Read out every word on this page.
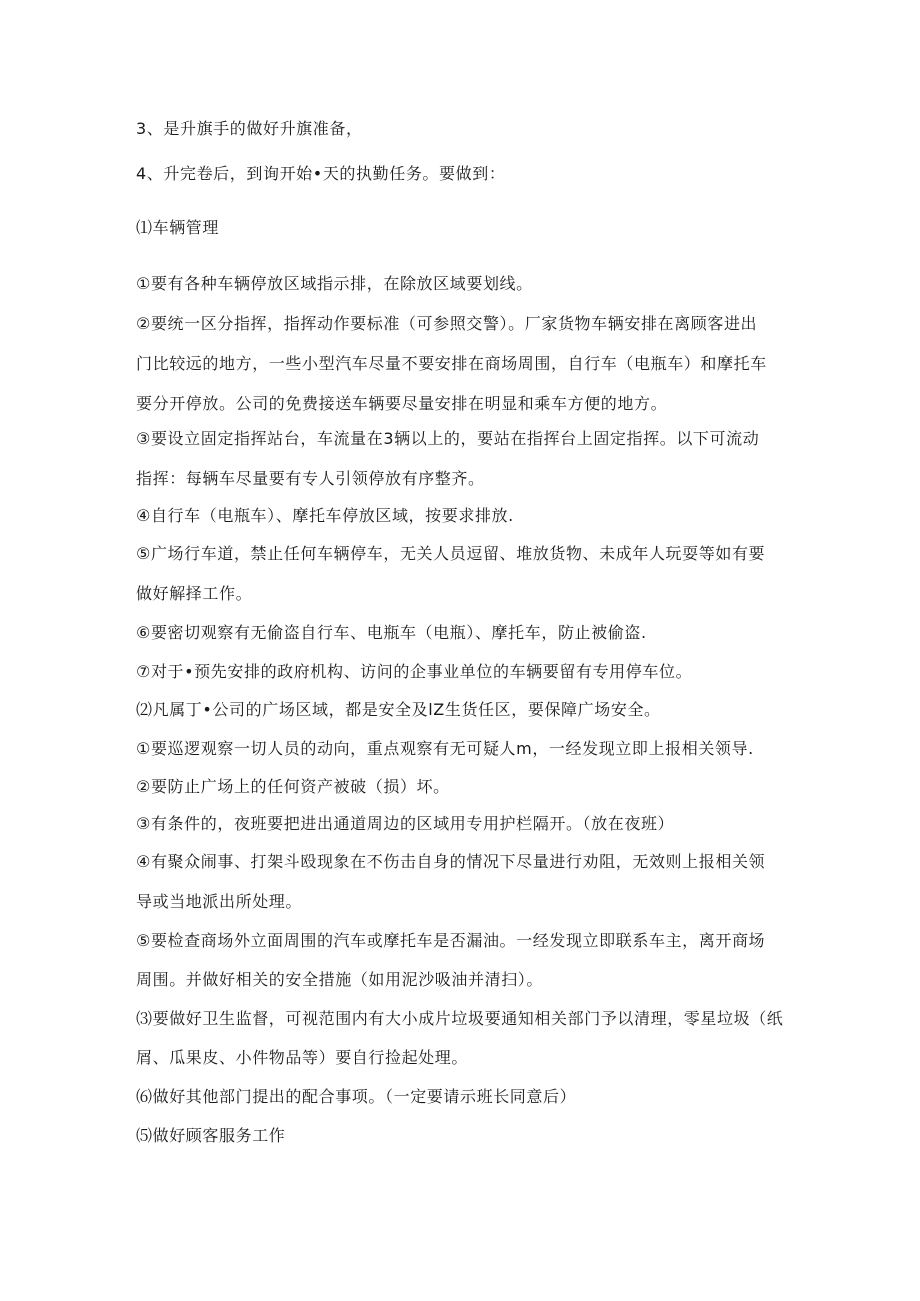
3、是升旗手的做好升旗准备，

4、升完卷后，到询开始•天的执勤任务。要做到：

⑴车辆管理

①要有各种车辆停放区域指示排，在除放区域要划线。

②要统一区分指挥，指挥动作要标准（可参照交警）。厂家货物车辆安排在离顾客进出

门比较远的地方，一些小型汽车尽量不要安排在商场周围，自行车（电瓶车）和摩托车

要分开停放。公司的免费接送车辆要尽量安排在明显和乘车方便的地方。

③要设立固定指挥站台，车流量在3辆以上的，要站在指挥台上固定指挥。以下可流动

指挥：每辆车尽量要有专人引领停放有序整齐。

④自行车（电瓶车）、摩托车停放区域，按要求排放.

⑤广场行车道，禁止任何车辆停车，无关人员逗留、堆放货物、未成年人玩耍等如有要

做好解择工作。

⑥要密切观察有无偷盗自行车、电瓶车（电瓶）、摩托车，防止被偷盗.

⑦对于•预先安排的政府机构、访问的企事业单位的车辆要留有专用停车位。

⑵凡属丁•公司的广场区域，都是安全及lZ生货任区，要保障广场安全。

①要巡逻观察一切人员的动向，重点观察有无可疑人m，一经发现立即上报相关领导.

②要防止广场上的任何资产被破（损）坏。

③有条件的，夜班要把进出通道周边的区域用专用护栏隔开。（放在夜班）

④有聚众闹事、打架斗殴现象在不伤击自身的情况下尽量进行劝阻，无效则上报相关领

导或当地派出所处理。

⑤要检查商场外立面周围的汽车或摩托车是否漏油。一经发现立即联系车主，离开商场

周围。并做好相关的安全措施（如用泥沙吸油并清扫）。

⑶要做好卫生监督，可视范围内有大小成片垃圾要通知相关部门予以清理，零星垃圾（纸

屑、瓜果皮、小件物品等）要自行捡起处理。

⑹做好其他部门提出的配合事项。（一定要请示班长同意后）

⑸做好顾客服务工作
